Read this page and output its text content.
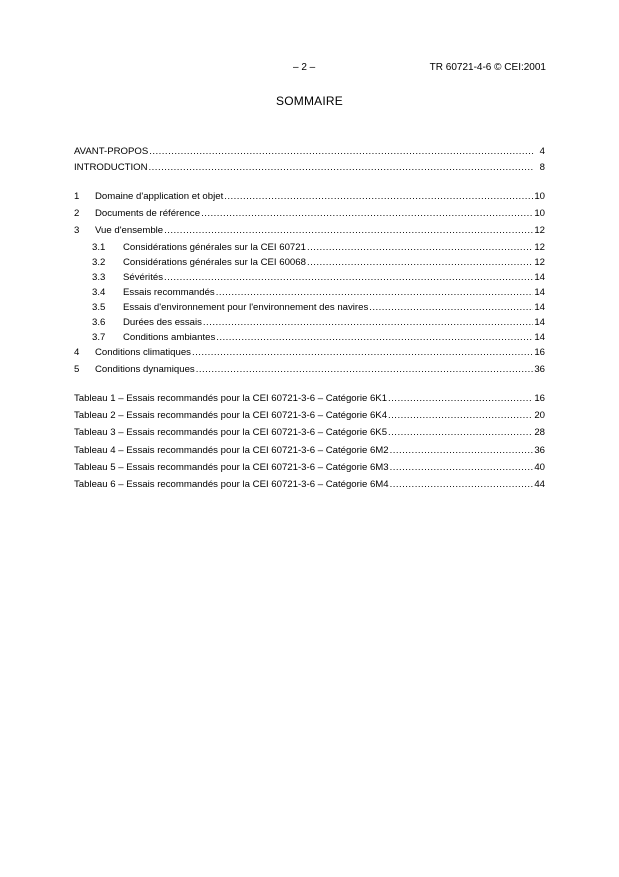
– 2 –	TR 60721-4-6 © CEI:2001
SOMMAIRE
AVANT-PROPOS . . .	4
INTRODUCTION . . .	8
1	Domaine d'application et objet . . .	10
2	Documents de référence . . .	10
3	Vue d'ensemble . . .	12
3.1	Considérations générales sur la CEI 60721 . . .	12
3.2	Considérations générales sur la CEI 60068 . . .	12
3.3	Sévérités . . .	14
3.4	Essais recommandés . . .	14
3.5	Essais d'environnement pour l'environnement des navires . . .	14
3.6	Durées des essais . . .	14
3.7	Conditions ambiantes . . .	14
4	Conditions climatiques . . .	16
5	Conditions dynamiques . . .	36
Tableau 1 – Essais recommandés pour la CEI 60721-3-6 – Catégorie 6K1 . . .	16
Tableau 2 – Essais recommandés pour la CEI 60721-3-6 – Catégorie 6K4 . . .	20
Tableau 3 – Essais recommandés pour la CEI 60721-3-6 – Catégorie 6K5 . . .	28
Tableau 4 – Essais recommandés pour la CEI 60721-3-6 – Catégorie 6M2 . . .	36
Tableau 5 – Essais recommandés pour la CEI 60721-3-6 – Catégorie 6M3 . . .	40
Tableau 6 – Essais recommandés pour la CEI 60721-3-6 – Catégorie 6M4 . . .	44
